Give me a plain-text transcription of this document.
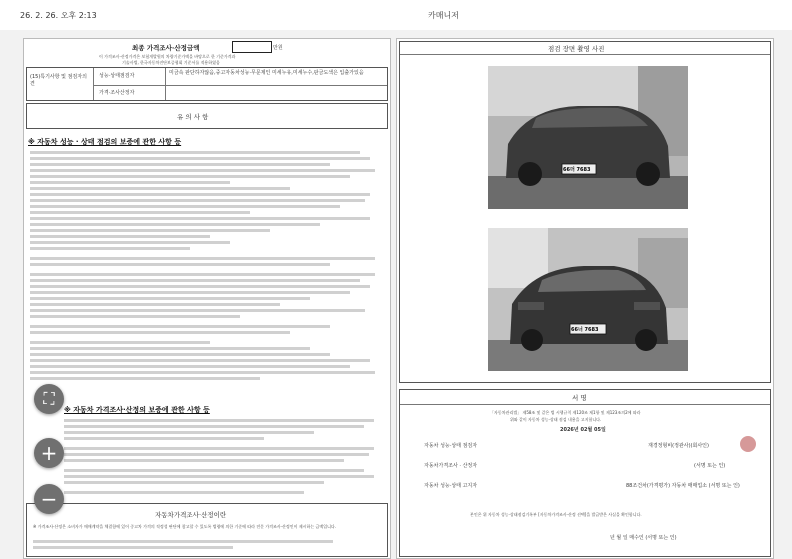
26. 2. 26. 오후 2:13	카매니저
최종 가격조사·산정금액	만원
이 가격조사·산정가격은 보험개발원의 차량기준가액을 바탕으로 한 기준가격과
기술사법, 한국자동차진단보증협회 기준서를 적용하였음
(15)특기사항 및 점검자의견
성능·상태점검자	미금속 판단하자않음,중고자동차성능·무문제인 미세누유,미세누수,판금도색은 입출가있음
가격·조사산정자
유 의 사 항
※ 자동차 성능 · 상태 점검의 보증에 관한 사항 등
※ 자동차 가격조사·산정의 보증에 관한 사항 등
자동차가격조사·산정이란
※ 가격조사·산정은 소비자가 매매계약을 체결함에 있어 중고차 가격의 적정성 판단에 참고할 수 있도록 법령에 의한 기준에 따라 전문 가격조사·산정인이 제시하는 금액입니다.
⛶
+
−
점검 장면 촬영 사진
66더 7683
66너 7683
서 명
「자동차관리법」 제58조 및 같은 법 시행규칙 제120조 제1항 및 제123조의2에 따라
위와 같이 자동차 성능·상태 점검 내용을 고지합니다.
2026년 02월 05일
자동차 성능·상태 점검자	재경정형비(정관사)(회사인)
자동차가격조사 · 산정자	(서명 또는 인)
자동차 성능·상태 고지자	88조건차(가격평가) 자동차 매매업소 (서명 또는 인)
본인은 위 자동차 성능·상태점검기록부 [자동차가격조사·산정 선택]을 발급받은 사실을 확인합니다.
년 월 일 매수인 (서명 또는 인)
